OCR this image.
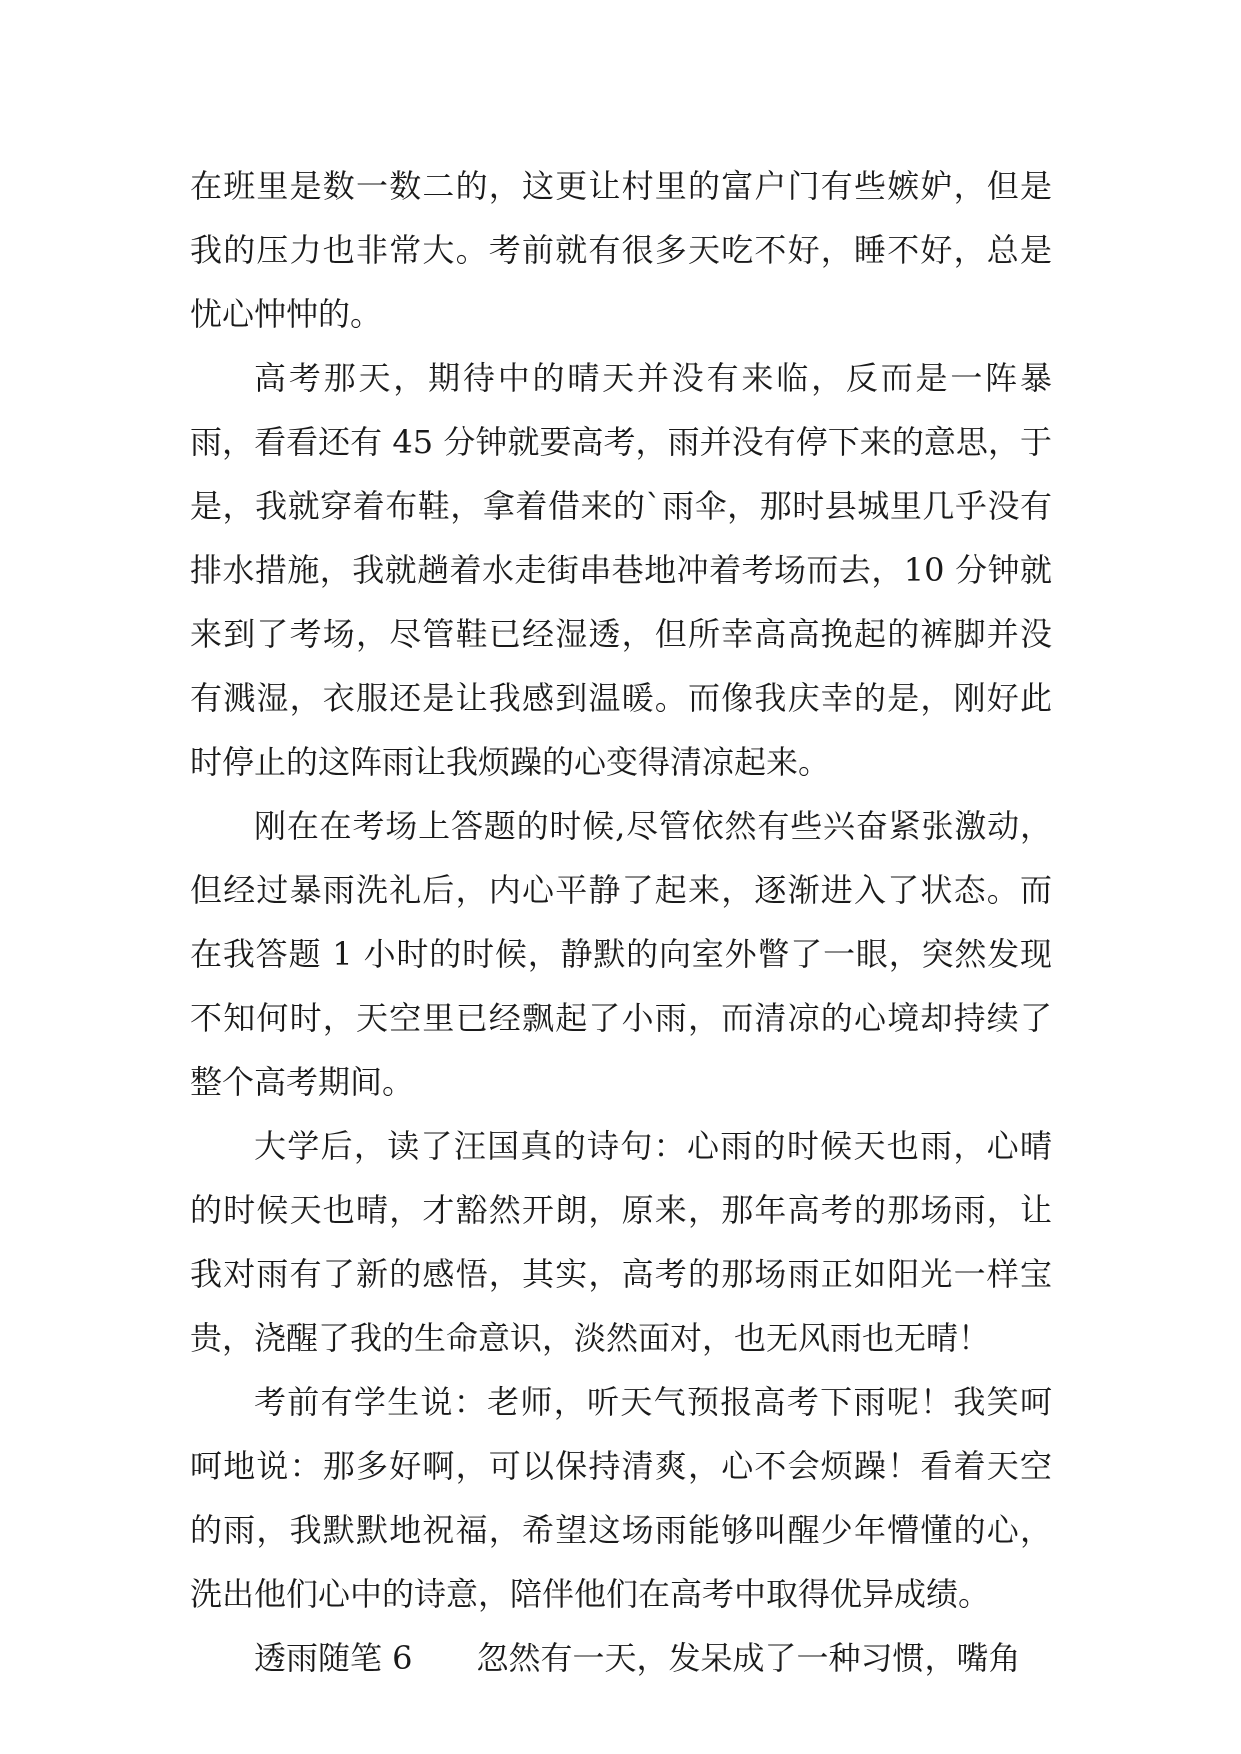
在班里是数一数二的，这更让村里的富户门有些嫉妒，但是我的压力也非常大。考前就有很多天吃不好，睡不好，总是忧心忡忡的。

高考那天，期待中的晴天并没有来临，反而是一阵暴雨，看看还有 45 分钟就要高考，雨并没有停下来的意思，于是，我就穿着布鞋，拿着借来的`雨伞，那时县城里几乎没有排水措施，我就趟着水走街串巷地冲着考场而去，10 分钟就来到了考场，尽管鞋已经湿透，但所幸高高挽起的裤脚并没有溅湿，衣服还是让我感到温暖。而像我庆幸的是，刚好此时停止的这阵雨让我烦躁的心变得清凉起来。

刚在在考场上答题的时候,尽管依然有些兴奋紧张激动，但经过暴雨洗礼后，内心平静了起来，逐渐进入了状态。而在我答题 1 小时的时候，静默的向室外瞥了一眼，突然发现不知何时，天空里已经飘起了小雨，而清凉的心境却持续了整个高考期间。

大学后，读了汪国真的诗句：心雨的时候天也雨，心晴的时候天也晴，才豁然开朗，原来，那年高考的那场雨，让我对雨有了新的感悟，其实，高考的那场雨正如阳光一样宝贵，浇醒了我的生命意识，淡然面对，也无风雨也无晴！

考前有学生说：老师，听天气预报高考下雨呢！我笑呵呵地说：那多好啊，可以保持清爽，心不会烦躁！看着天空的雨，我默默地祝福，希望这场雨能够叫醒少年懵懂的心，洗出他们心中的诗意，陪伴他们在高考中取得优异成绩。

透雨随笔 6　　忽然有一天，发呆成了一种习惯，嘴角
